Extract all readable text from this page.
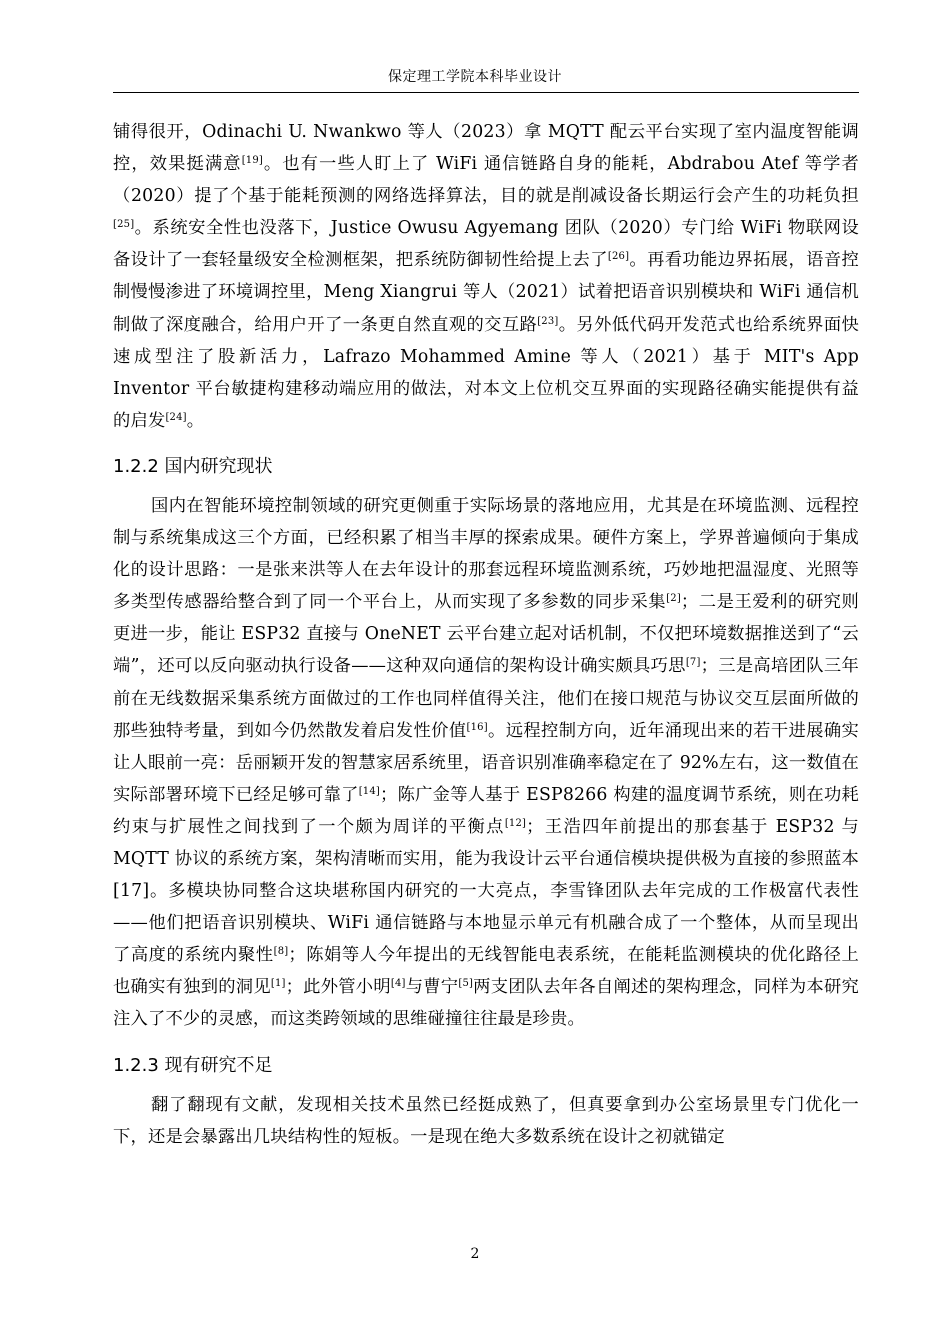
保定理工学院本科毕业设计

铺得很开，Odinachi U. Nwankwo 等人（2023）拿 MQTT 配云平台实现了室内温度智能调控，效果挺满意[19]。也有一些人盯上了 WiFi 通信链路自身的能耗，Abdrabou Atef 等学者（2020）提了个基于能耗预测的网络选择算法，目的就是削减设备长期运行会产生的功耗负担[25]。系统安全性也没落下，Justice Owusu Agyemang 团队（2020）专门给 WiFi 物联网设备设计了一套轻量级安全检测框架，把系统防御韧性给提上去了[26]。再看功能边界拓展，语音控制慢慢渗进了环境调控里，Meng Xiangrui 等人（2021）试着把语音识别模块和 WiFi 通信机制做了深度融合，给用户开了一条更自然直观的交互路[23]。另外低代码开发范式也给系统界面快速成型注了股新活力，Lafrazo Mohammed Amine 等人（2021）基于 MIT's App Inventor 平台敏捷构建移动端应用的做法，对本文上位机交互界面的实现路径确实能提供有益的启发[24]。

1.2.2 国内研究现状

国内在智能环境控制领域的研究更侧重于实际场景的落地应用，尤其是在环境监测、远程控制与系统集成这三个方面，已经积累了相当丰厚的探索成果。硬件方案上，学界普遍倾向于集成化的设计思路：一是张来洪等人在去年设计的那套远程环境监测系统，巧妙地把温湿度、光照等多类型传感器给整合到了同一个平台上，从而实现了多参数的同步采集[2]；二是王爱利的研究则更进一步，能让 ESP32 直接与 OneNET 云平台建立起对话机制，不仅把环境数据推送到了“云端”，还可以反向驱动执行设备——这种双向通信的架构设计确实颇具巧思[7]；三是高培团队三年前在无线数据采集系统方面做过的工作也同样值得关注，他们在接口规范与协议交互层面所做的那些独特考量，到如今仍然散发着启发性价值[16]。远程控制方向，近年涌现出来的若干进展确实让人眼前一亮：岳丽颖开发的智慧家居系统里，语音识别准确率稳定在了 92%左右，这一数值在实际部署环境下已经足够可靠了[14]；陈广金等人基于 ESP8266 构建的温度调节系统，则在功耗约束与扩展性之间找到了一个颇为周详的平衡点[12]；王浩四年前提出的那套基于 ESP32 与 MQTT 协议的系统方案，架构清晰而实用，能为我设计云平台通信模块提供极为直接的参照蓝本[17]。多模块协同整合这块堪称国内研究的一大亮点，李雪锋团队去年完成的工作极富代表性——他们把语音识别模块、WiFi 通信链路与本地显示单元有机融合成了一个整体，从而呈现出了高度的系统内聚性[8]；陈娟等人今年提出的无线智能电表系统，在能耗监测模块的优化路径上也确实有独到的洞见[1]；此外管小明[4]与曹宁[5]两支团队去年各自阐述的架构理念，同样为本研究注入了不少的灵感，而这类跨领域的思维碰撞往往最是珍贵。

1.2.3 现有研究不足

翻了翻现有文献，发现相关技术虽然已经挺成熟了，但真要拿到办公室场景里专门优化一下，还是会暴露出几块结构性的短板。一是现在绝大多数系统在设计之初就锚定

2
